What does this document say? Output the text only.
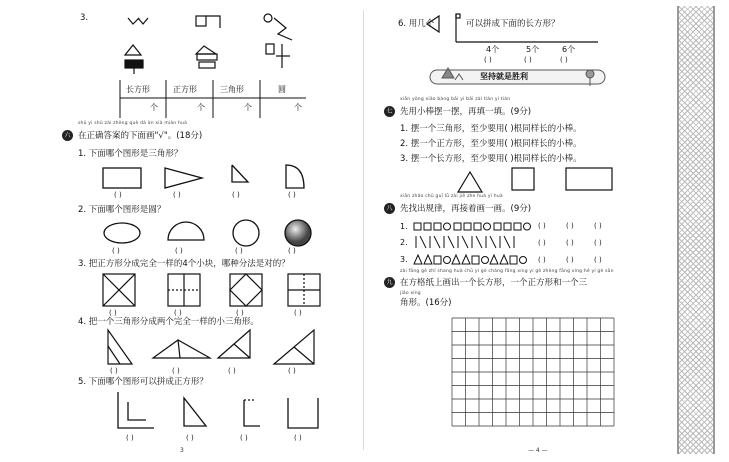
3.
长方形	正方形	三角形	圆
个	个	个	个
shǔ yi shǔ zài zhèng què dá àn xià miàn huà
六 在正确答案的下面画"√"。(18分)
1. 下面哪个图形是三角形？
( )	( )	( )	( )
2. 下面哪个图形是圆？
( )	( )	( )	( )
3. 把正方形分成完全一样的4个小块，哪种分法是对的？
( )	( )	( )	( )
4. 把一个三角形分成两个完全一样的小三角形。
( )	( )	( )	( )
5. 下面哪个图形可以拼成正方形？
( )	( )	( )	( )
3
6. 用几个	可以拼成下面的长方形？
4个	5个	6个
( )	( )	( )
坚持就是胜利
xiān yòng xiǎo bàng bǎi yi bǎi zài tián yi tián
七 先用小棒摆一摆，再填一填。(9分)
1. 摆一个三角形，至少要用( )根同样长的小棒。
2. 摆一个正方形，至少要用( )根同样长的小棒。
3. 摆一个长方形，至少要用( )根同样长的小棒。
xiān zhǎo chū guī lǜ zài jiē zhe huà yi huà
八 先找出规律，再接着画一画。(9分)
1.
2.
3.
( )	( )	( )
( )	( )	( )
( )	( )	( )
zài fāng gé zhǐ shang huà chū yí gè cháng fāng xíng yí gè zhèng fāng xíng hé yí gè sān
九 在方格纸上画出一个长方形，一个正方形和一个三
jiǎo xíng
角形。(16分)
— 4 —
